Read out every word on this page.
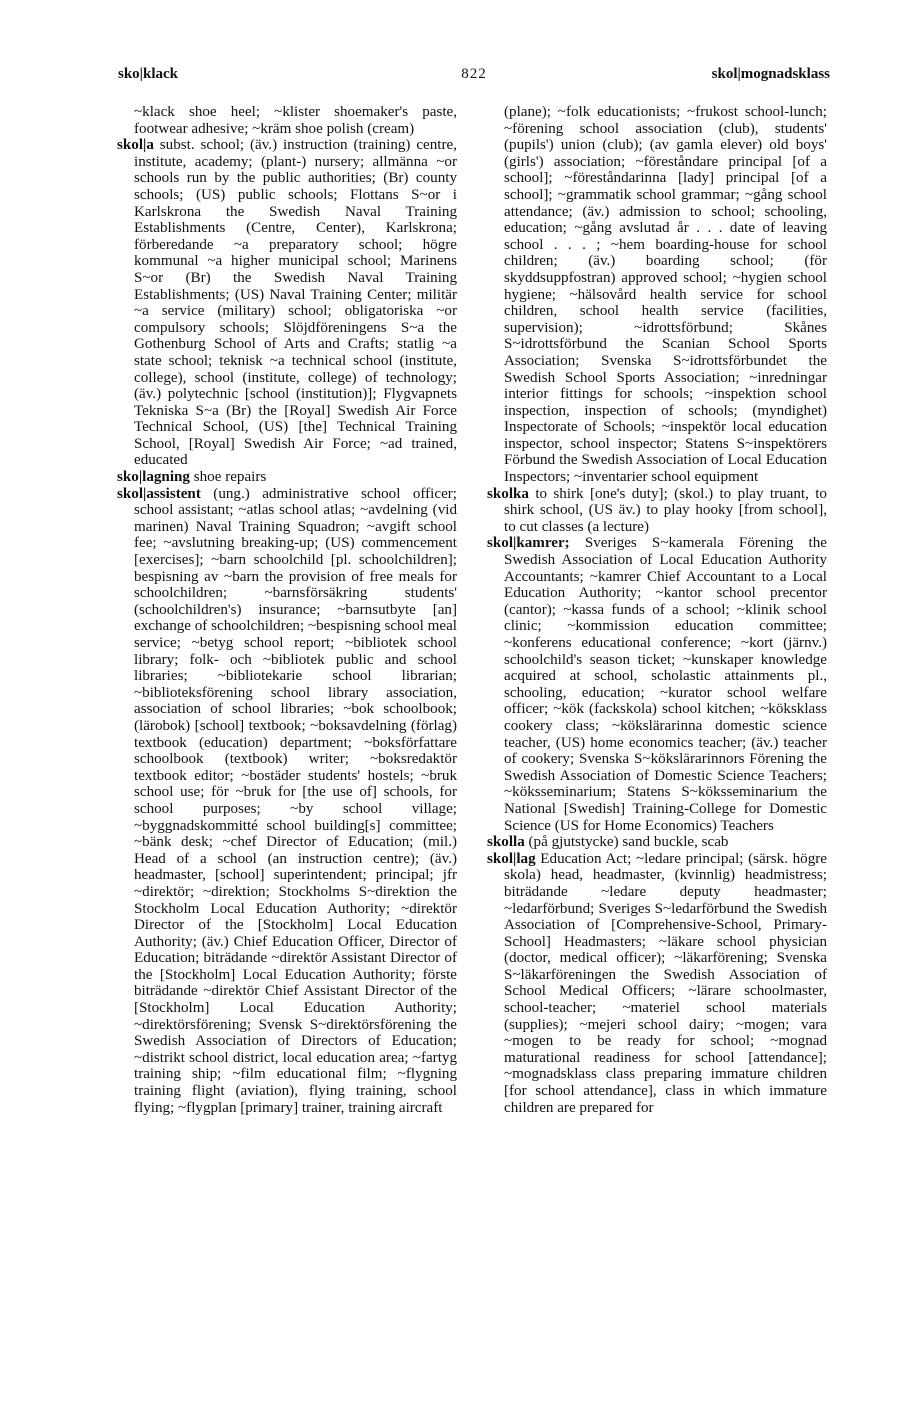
sko|klack	822	skol|mognadsklass

~klack shoe heel; ~klister shoemaker's paste, footwear adhesive; ~kräm shoe polish (cream)

skol|a subst. school; (äv.) instruction (training) centre, institute, academy; (plant-) nursery; allmänna ~or schools run by the public authorities; (Br) county schools; (US) public schools; Flottans S~or i Karlskrona the Swedish Naval Training Establishments (Centre, Center), Karlskrona; förberedande ~a preparatory school; högre kommunal ~a higher municipal school; Marinens S~or (Br) the Swedish Naval Training Establishments; (US) Naval Training Center; militär ~a service (military) school; obligatoriska ~or compulsory schools; Slöjdföreningens S~a the Gothenburg School of Arts and Crafts; statlig ~a state school; teknisk ~a technical school (institute, college), school (institute, college) of technology; (äv.) polytechnic [school (institution)]; Flygvapnets Tekniska S~a (Br) the [Royal] Swedish Air Force Technical School, (US) [the] Technical Training School, [Royal] Swedish Air Force; ~ad trained, educated

sko|lagning shoe repairs

skol|assistent (ung.) administrative school officer; school assistant; ~atlas school atlas; ~avdelning (vid marinen) Naval Training Squadron; ~avgift school fee; ~avslutning breaking-up; (US) commencement [exercises]; ~barn schoolchild [pl. schoolchildren]; bespisning av ~barn the provision of free meals for schoolchildren; ~barnsförsäkring students' (schoolchildren's) insurance; ~barnsutbyte [an] exchange of schoolchildren; ~bespisning school meal service; ~betyg school report; ~bibliotek school library; folk- och ~bibliotek public and school libraries; ~bibliotekarie school librarian; ~biblioteksförening school library association, association of school libraries; ~bok schoolbook; (lärobok) [school] textbook; ~boksavdelning (förlag) textbook (education) department; ~boksförfattare schoolbook (textbook) writer; ~boksredaktör textbook editor; ~bostäder students' hostels; ~bruk school use; för ~bruk for [the use of] schools, for school purposes; ~by school village; ~byggnadskommitté school building[s] committee; ~bänk desk; ~chef Director of Education; (mil.) Head of a school (an instruction centre); (äv.) headmaster, [school] superintendent; principal; jfr ~direktör; ~direktion; Stockholms S~direktion the Stockholm Local Education Authority; ~direktör Director of the [Stockholm] Local Education Authority; (äv.) Chief Education Officer, Director of Education; biträdande ~direktör Assistant Director of the [Stockholm] Local Education Authority; förste biträdande ~direktör Chief Assistant Director of the [Stockholm] Local Education Authority; ~direktörsförening; Svensk S~direktörsförening the Swedish Association of Directors of Education; ~distrikt school district, local education area; ~fartyg training ship; ~film educational film; ~flygning training flight (aviation), flying training, school flying; ~flygplan [primary] trainer, training aircraft

(plane); ~folk educationists; ~frukost school-lunch; ~förening school association (club), students' (pupils') union (club); (av gamla elever) old boys' (girls') association; ~föreståndare principal [of a school]; ~föreståndarinna [lady] principal [of a school]; ~grammatik school grammar; ~gång school attendance; (äv.) admission to school; schooling, education; ~gång avslutad år . . . date of leaving school . . . ; ~hem boarding-house for school children; (äv.) boarding school; (för skyddsuppfostran) approved school; ~hygien school hygiene; ~hälsovård health service for school children, school health service (facilities, supervision); ~idrottsförbund; Skånes S~idrottsförbund the Scanian School Sports Association; Svenska S~idrottsförbundet the Swedish School Sports Association; ~inredningar interior fittings for schools; ~inspektion school inspection, inspection of schools; (myndighet) Inspectorate of Schools; ~inspektör local education inspector, school inspector; Statens S~inspektörers Förbund the Swedish Association of Local Education Inspectors; ~inventarier school equipment

skolka to shirk [one's duty]; (skol.) to play truant, to shirk school, (US äv.) to play hooky [from school], to cut classes (a lecture)

skol|kamrer; Sveriges S~kamerala Förening the Swedish Association of Local Education Authority Accountants; ~kamrer Chief Accountant to a Local Education Authority; ~kantor school precentor (cantor); ~kassa funds of a school; ~klinik school clinic; ~kommission education committee; ~konferens educational conference; ~kort (järnv.) schoolchild's season ticket; ~kunskaper knowledge acquired at school, scholastic attainments pl., schooling, education; ~kurator school welfare officer; ~kök (fackskola) school kitchen; ~köksklass cookery class; ~kökslärarinna domestic science teacher, (US) home economics teacher; (äv.) teacher of cookery; Svenska S~kökslärarinnors Förening the Swedish Association of Domestic Science Teachers; ~köksseminarium; Statens S~köksseminarium the National [Swedish] Training-College for Domestic Science (US for Home Economics) Teachers

skolla (på gjutstycke) sand buckle, scab

skol|lag Education Act; ~ledare principal; (särsk. högre skola) head, headmaster, (kvinnlig) headmistress; biträdande ~ledare deputy headmaster; ~ledarförbund; Sveriges S~ledarförbund the Swedish Association of [Comprehensive-School, Primary-School] Headmasters; ~läkare school physician (doctor, medical officer); ~läkarförening; Svenska S~läkarföreningen the Swedish Association of School Medical Officers; ~lärare schoolmaster, school-teacher; ~materiel school materials (supplies); ~mejeri school dairy; ~mogen; vara ~mogen to be ready for school; ~mognad maturational readiness for school [attendance]; ~mognadsklass class preparing immature children [for school attendance], class in which immature children are prepared for
